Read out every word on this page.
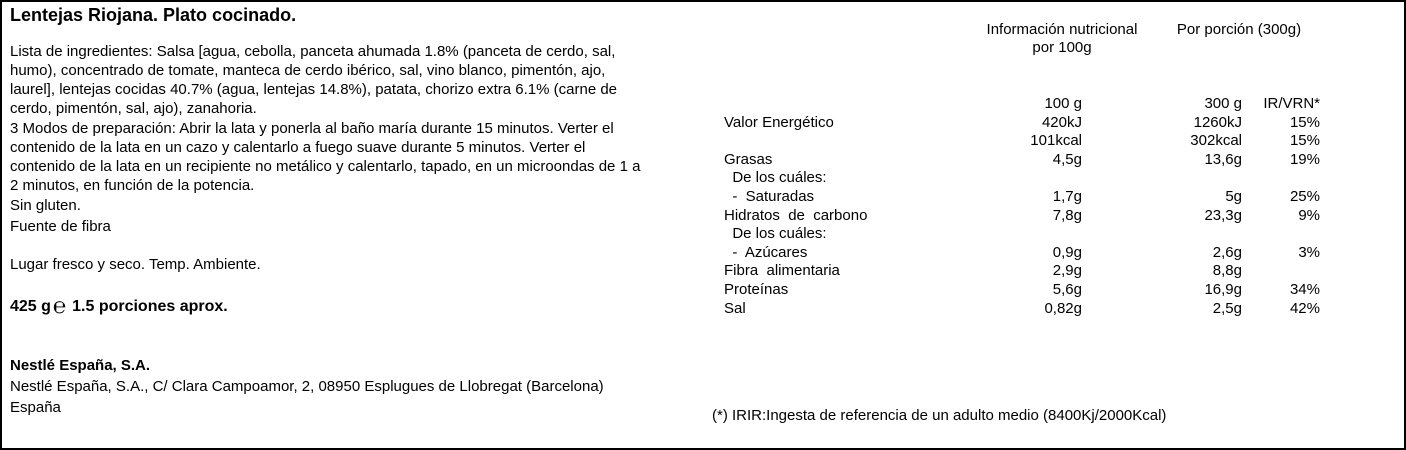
Lentejas Riojana. Plato cocinado.
Lista de ingredientes: Salsa [agua, cebolla, panceta ahumada 1.8% (panceta de cerdo, sal,
humo), concentrado de tomate, manteca de cerdo ibérico, sal, vino blanco, pimentón, ajo,
laurel], lentejas cocidas 40.7% (agua, lentejas 14.8%), patata, chorizo extra 6.1% (carne de
cerdo, pimentón, sal, ajo), zanahoria.
3 Modos de preparación: Abrir la lata y ponerla al baño maría durante 15 minutos. Verter el
contenido de la lata en un cazo y calentarlo a fuego suave durante 5 minutos. Verter el
contenido de la lata en un recipiente no metálico y calentarlo, tapado, en un microondas de 1 a
2 minutos, en función de la potencia.
Sin gluten.
Fuente de fibra
Lugar fresco y seco. Temp. Ambiente.
425 g℮ 1.5 porciones aprox.
Nestlé España, S.A.
Nestlé España, S.A., C/ Clara Campoamor, 2, 08950 Esplugues de Llobregat (Barcelona)
España
Información nutricional
por 100g
Por porción (300g)
	100 g	300 g	IR/VRN*
Valor Energético	420kJ	1260kJ	15%
	101kcal	302kcal	15%
Grasas	4,5g	13,6g	19%
De los cuáles:			
-  Saturadas	1,7g	5g	25%
Hidratos  de  carbono	7,8g	23,3g	9%
De los cuáles:			
-  Azúcares	0,9g	2,6g	3%
Fibra  alimentaria	2,9g	8,8g	
Proteínas	5,6g	16,9g	34%
Sal	0,82g	2,5g	42%
(*) IRIR:Ingesta de referencia de un adulto medio (8400Kj/2000Kcal)
